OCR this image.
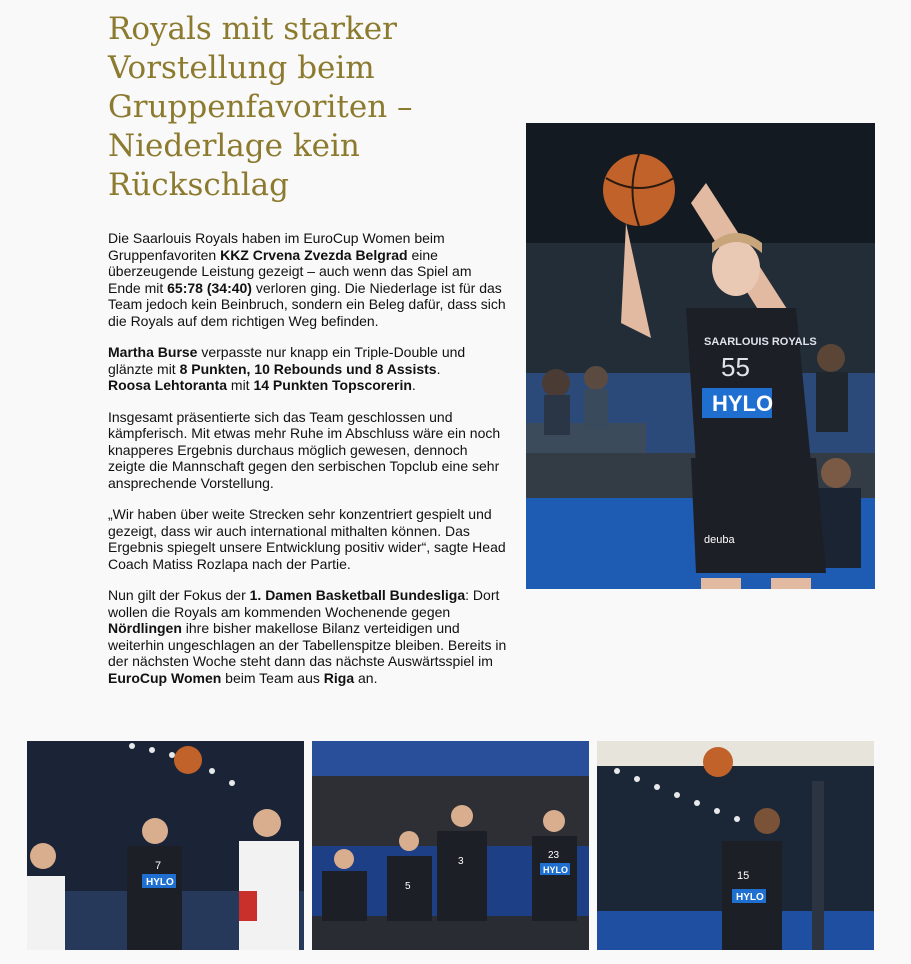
Royals mit starker Vorstellung beim Gruppenfavoriten – Niederlage kein Rückschlag

Die Saarlouis Royals haben im EuroCup Women beim Gruppenfavoriten KKZ Crvena Zvezda Belgrad eine überzeugende Leistung gezeigt – auch wenn das Spiel am Ende mit 65:78 (34:40) verloren ging. Die Niederlage ist für das Team jedoch kein Beinbruch, sondern ein Beleg dafür, dass sich die Royals auf dem richtigen Weg befinden.

Martha Burse verpasste nur knapp ein Triple-Double und glänzte mit 8 Punkten, 10 Rebounds und 8 Assists.
Roosa Lehtoranta mit 14 Punkten Topscorerin.

Insgesamt präsentierte sich das Team geschlossen und kämpferisch. Mit etwas mehr Ruhe im Abschluss wäre ein noch knapperes Ergebnis durchaus möglich gewesen, dennoch zeigte die Mannschaft gegen den serbischen Topclub eine sehr ansprechende Vorstellung.

„Wir haben über weite Strecken sehr konzentriert gespielt und gezeigt, dass wir auch international mithalten können. Das Ergebnis spiegelt unsere Entwicklung positiv wider“, sagte Head Coach Matiss Rozlapa nach der Partie.

Nun gilt der Fokus der 1. Damen Basketball Bundesliga: Dort wollen die Royals am kommenden Wochenende gegen Nördlingen ihre bisher makellose Bilanz verteidigen und weiterhin ungeschlagen an der Tabellenspitze bleiben. Bereits in der nächsten Woche steht dann das nächste Auswärtsspiel im EuroCup Women beim Team aus Riga an.

SAARLOUIS ROYALS
55
HYLO
deuba
HYLO
7
5
3
23
HYLO
HYLO
15
